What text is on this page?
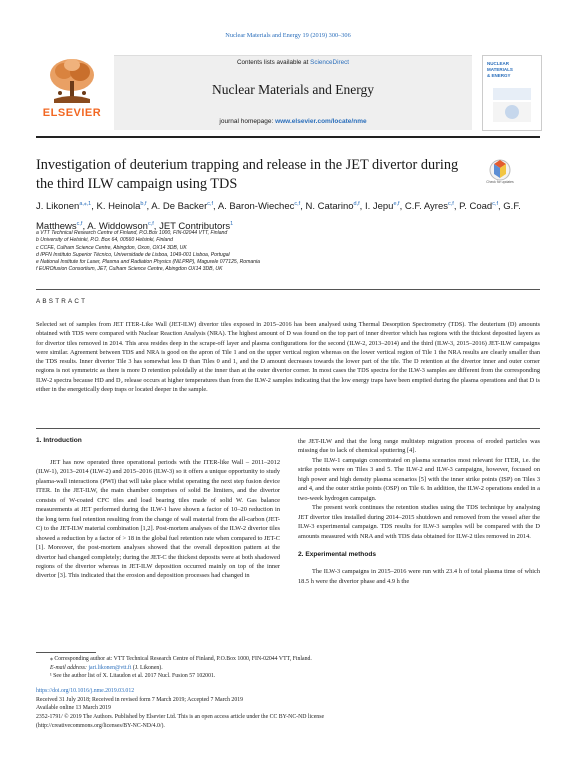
Nuclear Materials and Energy 19 (2019) 300–306
ELSEVIER
Contents lists available at ScienceDirect
Nuclear Materials and Energy
journal homepage: www.elsevier.com/locate/nme
NUCLEAR
MATERIALS
& ENERGY
Investigation of deuterium trapping and release in the JET divertor during the third ILW campaign using TDS	Check for updates
J. Likonen$^{a,⁎,1}$, K. Heinola$^{b,f}$, A. De Backer$^{c,f}$, A. Baron-Wiechec$^{c,f}$, N. Catarino$^{d,f}$, I. Jepu$^{e,f}$, C.F. Ayres$^{c,f}$, P. Coad$^{c,f}$, G.F. Matthews$^{c,f}$, A. Widdowson$^{c,f}$, JET Contributors$^1$
a VTT Technical Research Centre of Finland, P.O.Box 1000, FIN-02044 VTT, Finland
b University of Helsinki, P.O. Box 64, 00560 Helsinki, Finland
c CCFE, Culham Science Centre, Abingdon, Oxon, OX14 3DB, UK
d IPFN Instituto Superior Técnico, Universidade de Lisboa, 1049-001 Lisboa, Portugal
e National Institute for Laser, Plasma and Radiation Physics (NILPRP), Magurele 077125, Romania
f EUROfusion Consortium, JET, Culham Science Centre, Abingdon OX14 3DB, UK
ABSTRACT
Selected set of samples from JET ITER-Like Wall (JET-ILW) divertor tiles exposed in 2015–2016 has been analysed using Thermal Desorption Spectrometry (TDS). The deuterium (D) amounts obtained with TDS were compared with Nuclear Reaction Analysis (NRA). The highest amount of D was found on the top part of inner divertor which has regions with the thickest deposited layers as for divertor tiles removed in 2014. This area resides deep in the scrape-off layer and plasma configurations for the second (ILW-2, 2013–2014) and the third (ILW-3, 2015–2016) JET-ILW campaigns were similar. Agreement between TDS and NRA is good on the apron of Tile 1 and on the upper vertical region whereas on the lower vertical region of Tile 1 the NRA results are clearly smaller than the TDS results. Inner divertor Tile 3 has somewhat less D than Tiles 0 and 1, and the D amount decreases towards the lower part of the tile. The D retention at the divertor inner and outer corner regions is not symmetric as there is more D retention poloidally at the inner than at the outer divertor corner. In most cases the TDS spectra for the ILW-3 samples are different from the corresponding ILW-2 spectra because HD and D₂ release occurs at higher temperatures than from the ILW-2 samples indicating that the low energy traps have been emptied during the plasma operations and that D is either in the energetically deep traps or located deeper in the sample.
1. Introduction

JET has now operated three operational periods with the ITER-like Wall – 2011–2012 (ILW-1), 2013–2014 (ILW-2) and 2015–2016 (ILW-3) so it offers a unique opportunity to study plasma-wall interactions (PWI) that will take place whilst operating the next step fusion device ITER. In the JET-ILW, the main chamber comprises of solid Be limiters, and the divertor consists of W-coated CFC tiles and load bearing tiles made of solid W. Gas balance measurements at JET performed during the ILW-1 have shown a factor of 10–20 reduction in the long term fuel retention resulting from the change of wall material from the all-carbon (JET-C) to the JET-ILW material combination [1,2]. Post-mortem analyses of the ILW-2 divertor tiles showed a reduction by a factor of > 18 in the global fuel retention rate when compared to JET-C [1]. Moreover, the post-mortem analyses showed that the overall deposition pattern at the divertor had changed completely; during the JET-C the thickest deposits were at both shadowed regions of the divertor whereas in JET-ILW deposition occurred mainly on top of the inner divertor [3]. This indicated that the erosion and deposition processes had changed in

the JET-ILW and that the long range multistep migration process of eroded particles was missing due to lack of chemical sputtering [4].

The ILW-1 campaign concentrated on plasma scenarios most relevant for ITER, i.e. the strike points were on Tiles 3 and 5. The ILW-2 and ILW-3 campaigns, however, focused on high power and high density plasma scenarios [5] with the inner strike points (ISP) on Tiles 3 and 4, and the outer strike points (OSP) on Tile 6. In addition, the ILW-2 operations ended in a two-week hydrogen campaign.

The present work continues the retention studies using the TDS technique by analysing JET divertor tiles installed during 2014–2015 shutdown and removed from the vessel after the ILW-3 experimental campaign. TDS results for ILW-3 samples will be compared with the D amounts measured with NRA and with TDS data obtained for ILW-2 tiles removed in 2014.

2. Experimental methods

The ILW-3 campaigns in 2015–2016 were run with 23.4 h of total plasma time of which 18.5 h were the divertor phase and 4.9 h the

⁎ Corresponding author at: VTT Technical Research Centre of Finland, P.O.Box 1000, FIN-02044 VTT, Finland.
E-mail address: jari.likonen@vtt.fi (J. Likonen).
¹ See the author list of X. Litaudon et al. 2017 Nucl. Fusion 57 102001.
https://doi.org/10.1016/j.nme.2019.03.012
Received 31 July 2018; Received in revised form 7 March 2019; Accepted 7 March 2019
Available online 13 March 2019
2352-1791/ © 2019 The Authors. Published by Elsevier Ltd. This is an open access article under the CC BY-NC-ND license
(http://creativecommons.org/licenses/BY-NC-ND/4.0/).
